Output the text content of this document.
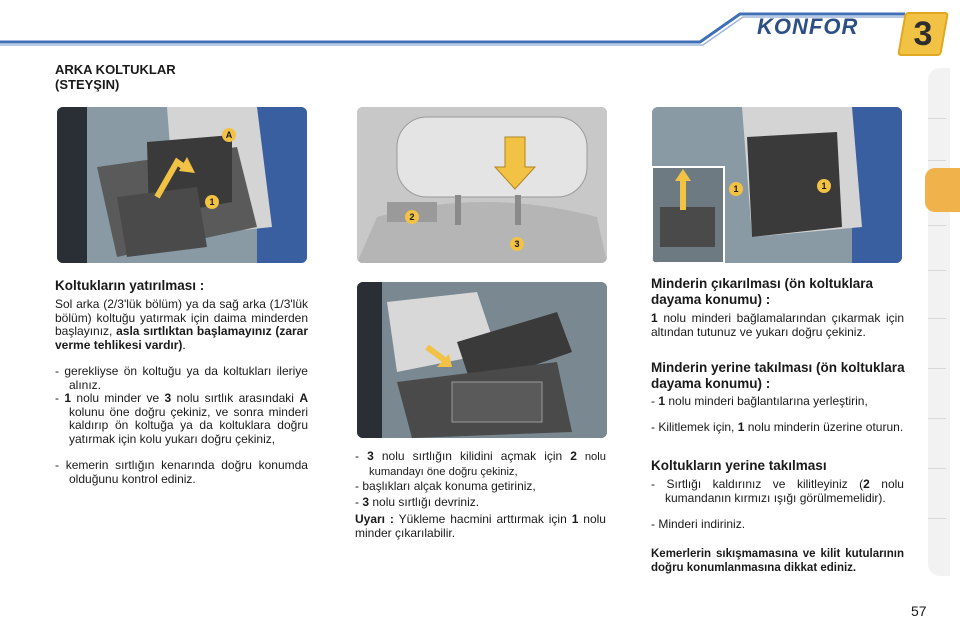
KONFOR	3
ARKA KOLTUKLAR
(STEYŞIN)
A
1
2
3
1	1
Koltukların yatırılması :
Sol arka (2/3'lük bölüm) ya da sağ arka (1/3'lük bölüm) koltuğu yatırmak için daima minderden başlayınız, asla sırtlıktan başlamayınız (zarar verme tehlikesi vardır).
- gerekliyse ön koltuğu ya da koltukları ileriye alınız.
- 1 nolu minder ve 3 nolu sırtlık arasındaki A kolunu öne doğru çekiniz, ve sonra minderi kaldırıp ön koltuğa ya da koltuklara doğru yatırmak için kolu yukarı doğru çekiniz,
- kemerin sırtlığın kenarında doğru konumda olduğunu kontrol ediniz.
- 3 nolu sırtlığın kilidini açmak için 2 nolu kumandayı öne doğru çekiniz,
- başlıkları alçak konuma getiriniz,
- 3 nolu sırtlığı devriniz.
Uyarı : Yükleme hacmini arttırmak için 1 nolu minder çıkarılabilir.
Minderin çıkarılması (ön koltuklara dayama konumu) :
1 nolu minderi bağlamalarından çıkarmak için altından tutunuz ve yukarı doğru çekiniz.
Minderin yerine takılması (ön koltuklara dayama konumu) :
- 1 nolu minderi bağlantılarına yerleştirin,
- Kilitlemek için, 1 nolu minderin üzerine oturun.
Koltukların yerine takılması
- Sırtlığı kaldırınız ve kilitleyiniz (2 nolu kumandanın kırmızı ışığı görülmemelidir).
- Minderi indiriniz.
Kemerlerin sıkışmamasına ve kilit kutularının doğru konumlanmasına dikkat ediniz.
57
